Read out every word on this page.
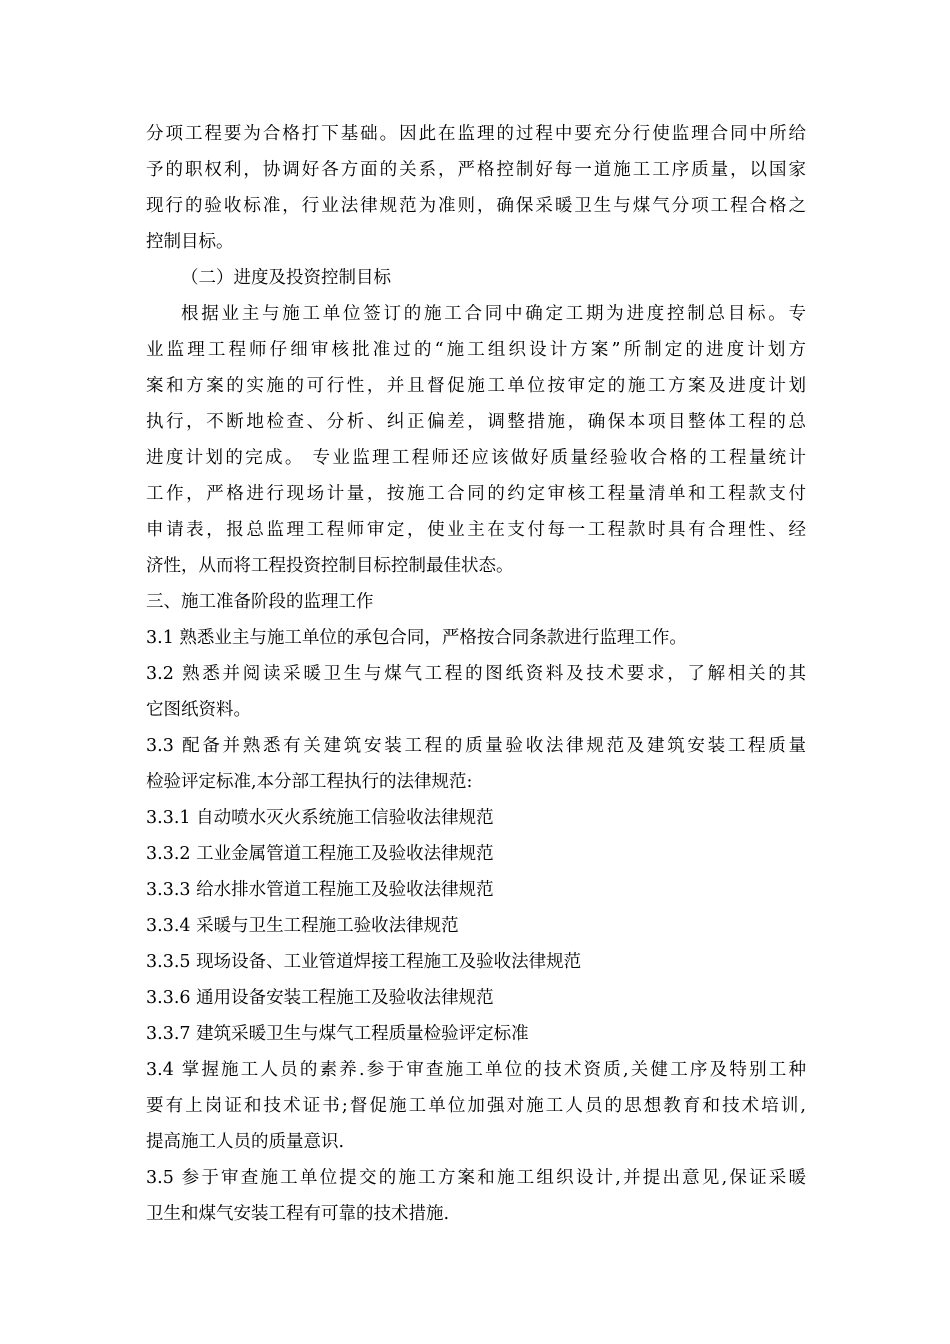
分项工程要为合格打下基础。因此在监理的过程中要充分行使监理合同中所给
予的职权利，协调好各方面的关系，严格控制好每一道施工工序质量，以国家
现行的验收标准，行业法律规范为准则，确保采暖卫生与煤气分项工程合格之
控制目标。
（二）进度及投资控制目标
根据业主与施工单位签订的施工合同中确定工期为进度控制总目标。专
业监理工程师仔细审核批准过的“施工组织设计方案”所制定的进度计划方
案和方案的实施的可行性，并且督促施工单位按审定的施工方案及进度计划
执行，不断地检查、分析、纠正偏差，调整措施，确保本项目整体工程的总
进度计划的完成。 专业监理工程师还应该做好质量经验收合格的工程量统计
工作，严格进行现场计量，按施工合同的约定审核工程量清单和工程款支付
申请表，报总监理工程师审定，使业主在支付每一工程款时具有合理性、经
济性，从而将工程投资控制目标控制最佳状态。
三、施工准备阶段的监理工作
3.1 熟悉业主与施工单位的承包合同，严格按合同条款进行监理工作。
3.2 熟悉并阅读采暖卫生与煤气工程的图纸资料及技术要求，了解相关的其
它图纸资料。
3.3 配备并熟悉有关建筑安装工程的质量验收法律规范及建筑安装工程质量
检验评定标准,本分部工程执行的法律规范:
3.3.1 自动喷水灭火系统施工信验收法律规范
3.3.2 工业金属管道工程施工及验收法律规范
3.3.3 给水排水管道工程施工及验收法律规范
3.3.4 采暖与卫生工程施工验收法律规范
3.3.5 现场设备、工业管道焊接工程施工及验收法律规范
3.3.6 通用设备安装工程施工及验收法律规范
3.3.7 建筑采暖卫生与煤气工程质量检验评定标准
3.4 掌握施工人员的素养.参于审查施工单位的技术资质,关健工序及特别工种
要有上岗证和技术证书;督促施工单位加强对施工人员的思想教育和技术培训,
提高施工人员的质量意识.
3.5 参于审查施工单位提交的施工方案和施工组织设计,并提出意见,保证采暖
卫生和煤气安装工程有可靠的技术措施.
